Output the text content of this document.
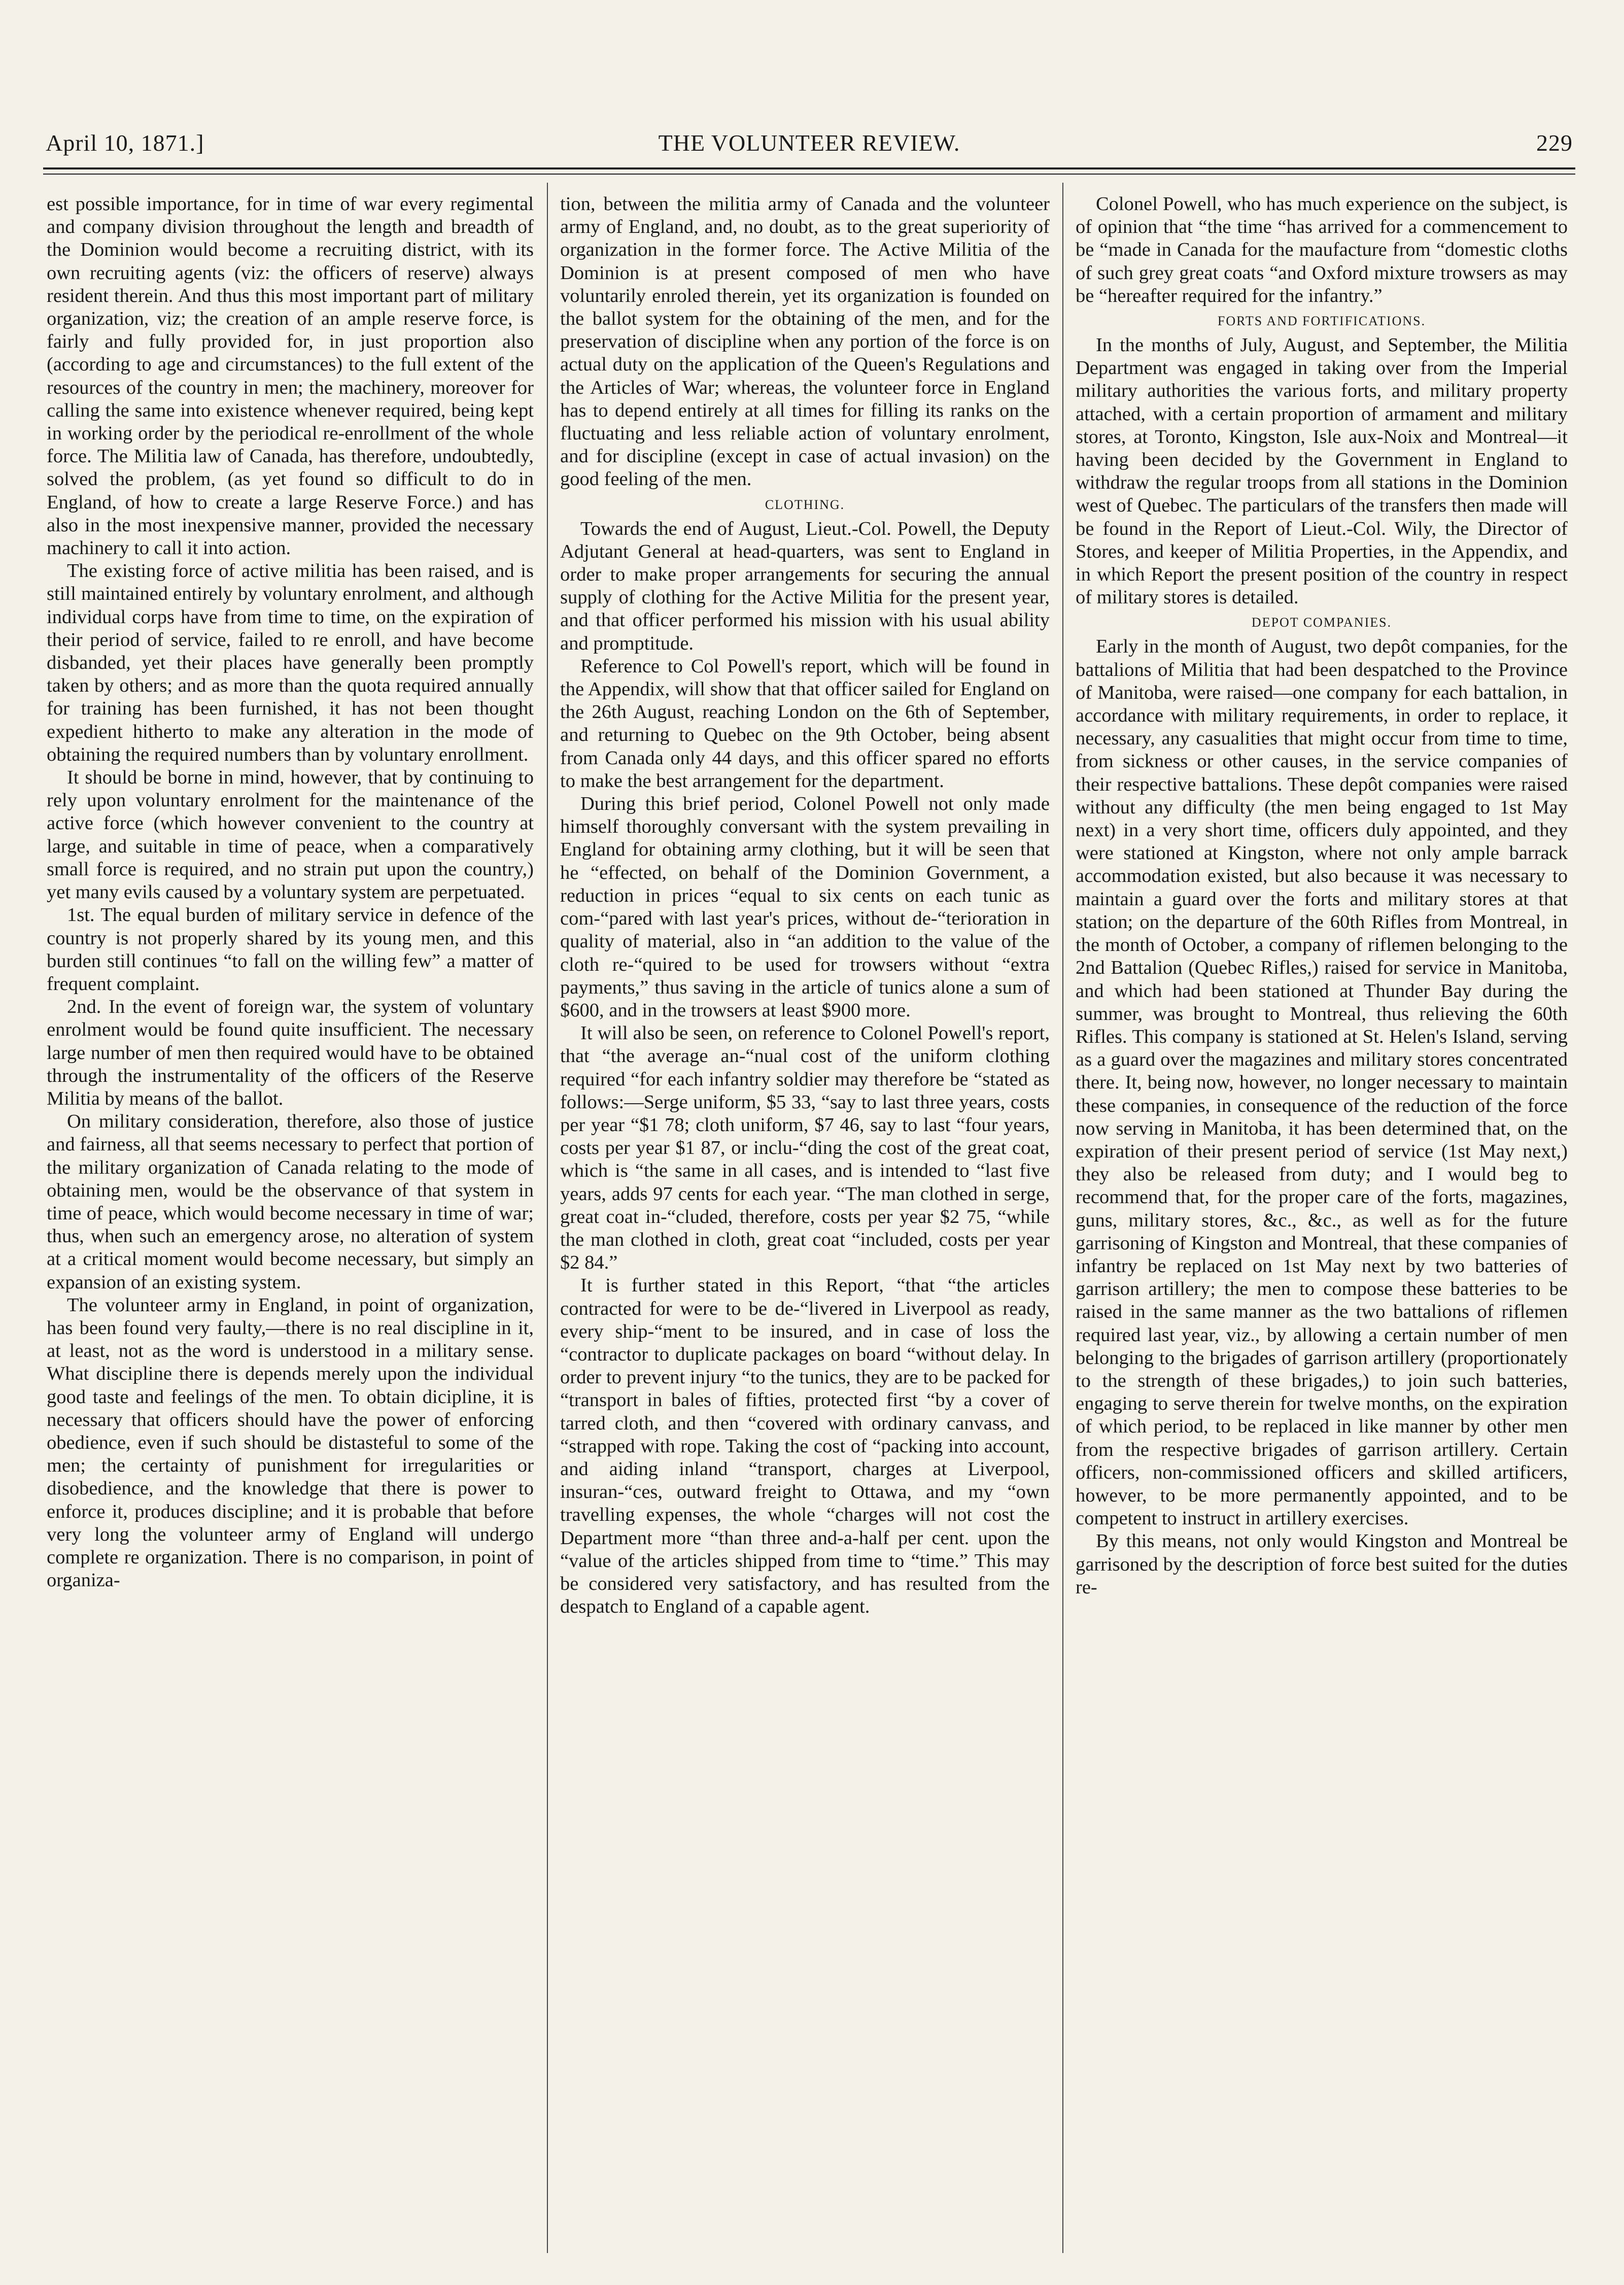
April 10, 1871.]	THE VOLUNTEER REVIEW.	229

est possible importance, for in time of war every regimental and company division throughout the length and breadth of the Dominion would become a recruiting district, with its own recruiting agents (viz: the officers of reserve) always resident therein. And thus this most important part of military organization, viz; the creation of an ample reserve force, is fairly and fully provided for, in just proportion also (according to age and circumstances) to the full extent of the resources of the country in men; the machinery, moreover for calling the same into existence whenever required, being kept in working order by the periodical re-enrollment of the whole force. The Militia law of Canada, has therefore, undoubtedly, solved the problem, (as yet found so difficult to do in England, of how to create a large Reserve Force.) and has also in the most inexpensive manner, provided the necessary machinery to call it into action.

The existing force of active militia has been raised, and is still maintained entirely by voluntary enrolment, and although individual corps have from time to time, on the expiration of their period of service, failed to re enroll, and have become disbanded, yet their places have generally been promptly taken by others; and as more than the quota required annually for training has been furnished, it has not been thought expedient hitherto to make any alteration in the mode of obtaining the required numbers than by voluntary enrollment.

It should be borne in mind, however, that by continuing to rely upon voluntary enrolment for the maintenance of the active force (which however convenient to the country at large, and suitable in time of peace, when a comparatively small force is required, and no strain put upon the country,) yet many evils caused by a voluntary system are perpetuated.

1st. The equal burden of military service in defence of the country is not properly shared by its young men, and this burden still continues “to fall on the willing few” a matter of frequent complaint.

2nd. In the event of foreign war, the system of voluntary enrolment would be found quite insufficient. The necessary large number of men then required would have to be obtained through the instrumentality of the officers of the Reserve Militia by means of the ballot.

On military consideration, therefore, also those of justice and fairness, all that seems necessary to perfect that portion of the military organization of Canada relating to the mode of obtaining men, would be the observance of that system in time of peace, which would become necessary in time of war; thus, when such an emergency arose, no alteration of system at a critical moment would become necessary, but simply an expansion of an existing system.

The volunteer army in England, in point of organization, has been found very faulty,—there is no real discipline in it, at least, not as the word is understood in a military sense. What discipline there is depends merely upon the individual good taste and feelings of the men. To obtain dicipline, it is necessary that officers should have the power of enforcing obedience, even if such should be distasteful to some of the men; the certainty of punishment for irregularities or disobedience, and the knowledge that there is power to enforce it, produces discipline; and it is probable that before very long the volunteer army of England will undergo complete re organization. There is no comparison, in point of organiza-

tion, between the militia army of Canada and the volunteer army of England, and, no doubt, as to the great superiority of organization in the former force. The Active Militia of the Dominion is at present composed of men who have voluntarily enroled therein, yet its organization is founded on the ballot system for the obtaining of the men, and for the preservation of discipline when any portion of the force is on actual duty on the application of the Queen's Regulations and the Articles of War; whereas, the volunteer force in England has to depend entirely at all times for filling its ranks on the fluctuating and less reliable action of voluntary enrolment, and for discipline (except in case of actual invasion) on the good feeling of the men.

CLOTHING.

Towards the end of August, Lieut.-Col. Powell, the Deputy Adjutant General at head-quarters, was sent to England in order to make proper arrangements for securing the annual supply of clothing for the Active Militia for the present year, and that officer performed his mission with his usual ability and promptitude.

Reference to Col Powell's report, which will be found in the Appendix, will show that that officer sailed for England on the 26th August, reaching London on the 6th of September, and returning to Quebec on the 9th October, being absent from Canada only 44 days, and this officer spared no efforts to make the best arrangement for the department.

During this brief period, Colonel Powell not only made himself thoroughly conversant with the system prevailing in England for obtaining army clothing, but it will be seen that he “effected, on behalf of the Dominion Government, a reduction in prices “equal to six cents on each tunic as com-“pared with last year's prices, without de-“terioration in quality of material, also in “an addition to the value of the cloth re-“quired to be used for trowsers without “extra payments,” thus saving in the article of tunics alone a sum of $600, and in the trowsers at least $900 more.

It will also be seen, on reference to Colonel Powell's report, that “the average an-“nual cost of the uniform clothing required “for each infantry soldier may therefore be “stated as follows:—Serge uniform, $5 33, “say to last three years, costs per year “$1 78; cloth uniform, $7 46, say to last “four years, costs per year $1 87, or inclu-“ding the cost of the great coat, which is “the same in all cases, and is intended to “last five years, adds 97 cents for each year. “The man clothed in serge, great coat in-“cluded, therefore, costs per year $2 75, “while the man clothed in cloth, great coat “included, costs per year $2 84.”

It is further stated in this Report, “that “the articles contracted for were to be de-“livered in Liverpool as ready, every ship-“ment to be insured, and in case of loss the “contractor to duplicate packages on board “without delay. In order to prevent injury “to the tunics, they are to be packed for “transport in bales of fifties, protected first “by a cover of tarred cloth, and then “covered with ordinary canvass, and “strapped with rope. Taking the cost of “packing into account, and aiding inland “transport, charges at Liverpool, insuran-“ces, outward freight to Ottawa, and my “own travelling expenses, the whole “charges will not cost the Department more “than three and-a-half per cent. upon the “value of the articles shipped from time to “time.” This may be considered very satisfactory, and has resulted from the despatch to England of a capable agent.

Colonel Powell, who has much experience on the subject, is of opinion that “the time “has arrived for a commencement to be “made in Canada for the maufacture from “domestic cloths of such grey great coats “and Oxford mixture trowsers as may be “hereafter required for the infantry.”

FORTS AND FORTIFICATIONS.

In the months of July, August, and September, the Militia Department was engaged in taking over from the Imperial military authorities the various forts, and military property attached, with a certain proportion of armament and military stores, at Toronto, Kingston, Isle aux-Noix and Montreal—it having been decided by the Government in England to withdraw the regular troops from all stations in the Dominion west of Quebec. The particulars of the transfers then made will be found in the Report of Lieut.-Col. Wily, the Director of Stores, and keeper of Militia Properties, in the Appendix, and in which Report the present position of the country in respect of military stores is detailed.

DEPOT COMPANIES.

Early in the month of August, two depôt companies, for the battalions of Militia that had been despatched to the Province of Manitoba, were raised—one company for each battalion, in accordance with military requirements, in order to replace, it necessary, any casualities that might occur from time to time, from sickness or other causes, in the service companies of their respective battalions. These depôt companies were raised without any difficulty (the men being engaged to 1st May next) in a very short time, officers duly appointed, and they were stationed at Kingston, where not only ample barrack accommodation existed, but also because it was necessary to maintain a guard over the forts and military stores at that station; on the departure of the 60th Rifles from Montreal, in the month of October, a company of riflemen belonging to the 2nd Battalion (Quebec Rifles,) raised for service in Manitoba, and which had been stationed at Thunder Bay during the summer, was brought to Montreal, thus relieving the 60th Rifles. This company is stationed at St. Helen's Island, serving as a guard over the magazines and military stores concentrated there. It, being now, however, no longer necessary to maintain these companies, in consequence of the reduction of the force now serving in Manitoba, it has been determined that, on the expiration of their present period of service (1st May next,) they also be released from duty; and I would beg to recommend that, for the proper care of the forts, magazines, guns, military stores, &c., &c., as well as for the future garrisoning of Kingston and Montreal, that these companies of infantry be replaced on 1st May next by two batteries of garrison artillery; the men to compose these batteries to be raised in the same manner as the two battalions of riflemen required last year, viz., by allowing a certain number of men belonging to the brigades of garrison artillery (proportionately to the strength of these brigades,) to join such batteries, engaging to serve therein for twelve months, on the expiration of which period, to be replaced in like manner by other men from the respective brigades of garrison artillery. Certain officers, non-commissioned officers and skilled artificers, however, to be more permanently appointed, and to be competent to instruct in artillery exercises.

By this means, not only would Kingston and Montreal be garrisoned by the description of force best suited for the duties re-
